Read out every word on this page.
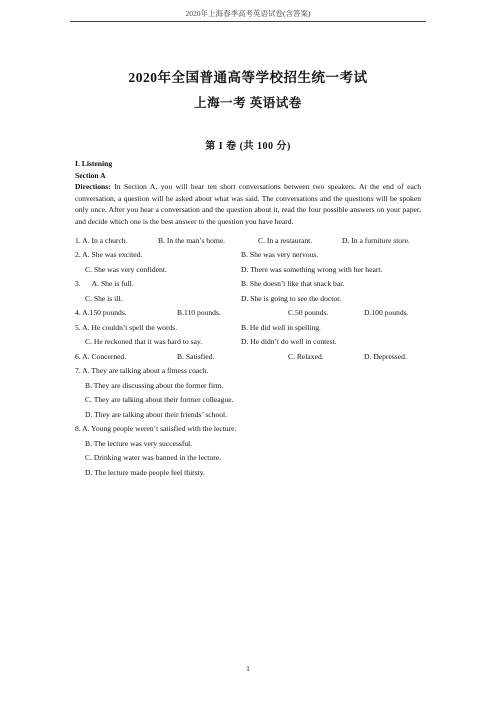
2020年上海春季高考英语试卷(含答案)
2020年全国普通高等学校招生统一考试
上海一考 英语试卷
第 I 卷 (共 100 分)
I. Listening
Section A
Directions: In Section A, you will hear ten short conversations between two speakers. At the end of each conversation, a question will be asked about what was said. The conversations and the questions will be spoken only once. After you hear a conversation and the question about it, read the four possible answers on your paper, and decide which one is the best answer to the question you have heard.
1. A. In a church.	B. In the man’s home.	C. In a restaurant.	D. In a furniture store.
2. A. She was excited.	B. She was very nervous.
C. She was very confident.	D. There was something wrong with her heart.
3.      A. She is full.	B. She doesn’t like that snack bar.
C. She is ill.	D. She is going to see the doctor.
4. A.150 pounds.	B.110 pounds.	C.50 pounds.	D.100 pounds.
5. A. He couldn’t spell the words.	B. He did well in spelling.
C. He reckoned that it was hard to say.	D. He didn’t do well in contest.
6. A. Concerned.	B. Satisfied.	C. Relaxed.	D. Depressed.
7. A. They are talking about a fitness coach.
B. They are discussing about the former firm.
C. They are talking about their former colleague.
D. They are talking about their friends’ school.
8. A. Young people weren’t satisfied with the lecture.
B. The lecture was very successful.
C. Drinking water was banned in the lecture.
D. The lecture made people feel thirsty.
1
